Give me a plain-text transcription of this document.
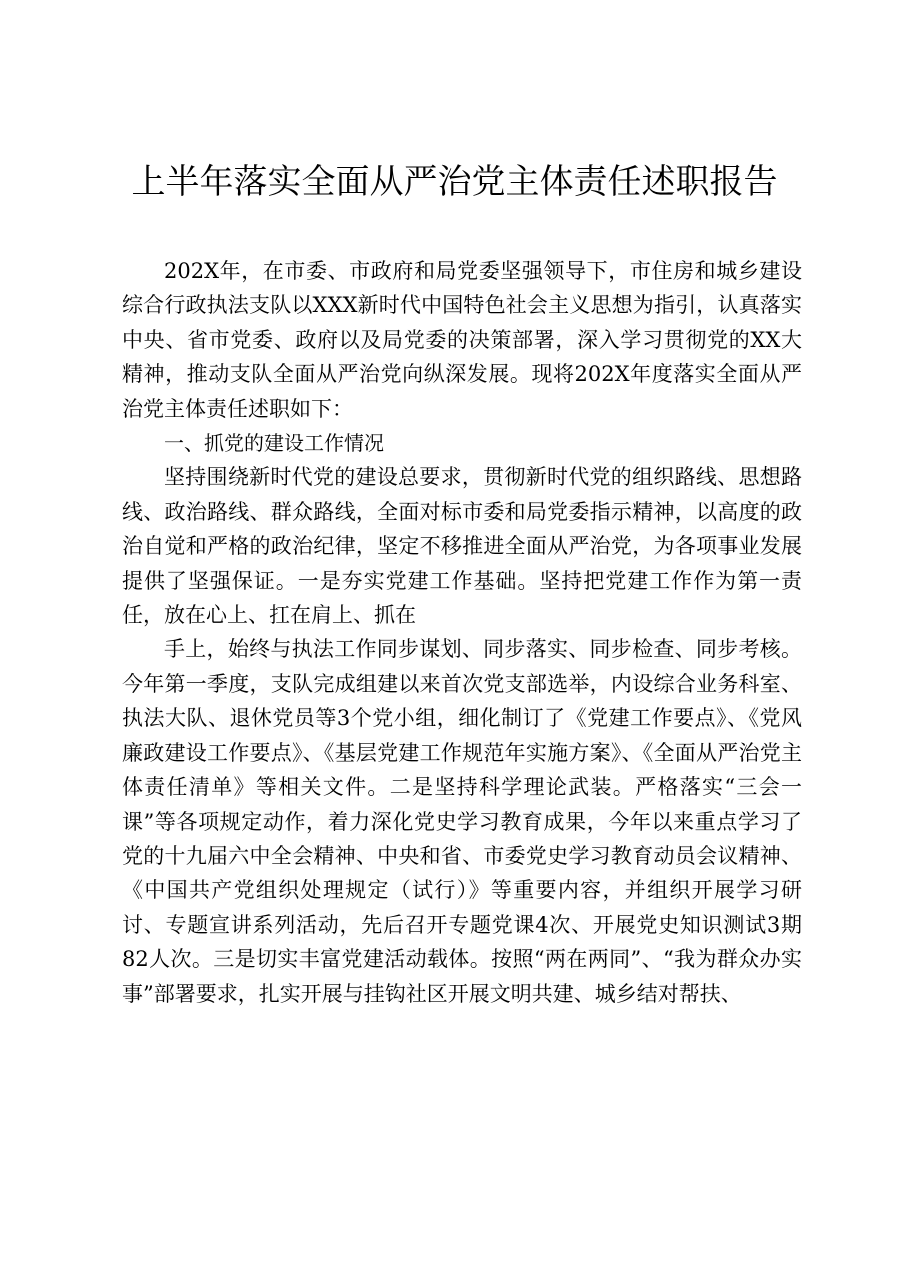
上半年落实全面从严治党主体责任述职报告

202X年，在市委、市政府和局党委坚强领导下，市住房和城乡建设综合行政执法支队以XXX新时代中国特色社会主义思想为指引，认真落实中央、省市党委、政府以及局党委的决策部署，深入学习贯彻党的XX大精神，推动支队全面从严治党向纵深发展。现将202X年度落实全面从严治党主体责任述职如下：

一、抓党的建设工作情况

坚持围绕新时代党的建设总要求，贯彻新时代党的组织路线、思想路线、政治路线、群众路线，全面对标市委和局党委指示精神，以高度的政治自觉和严格的政治纪律，坚定不移推进全面从严治党，为各项事业发展提供了坚强保证。一是夯实党建工作基础。坚持把党建工作作为第一责任，放在心上、扛在肩上、抓在

手上，始终与执法工作同步谋划、同步落实、同步检查、同步考核。今年第一季度，支队完成组建以来首次党支部选举，内设综合业务科室、执法大队、退休党员等3个党小组，细化制订了《党建工作要点》、《党风廉政建设工作要点》、《基层党建工作规范年实施方案》、《全面从严治党主体责任清单》等相关文件。二是坚持科学理论武装。严格落实“三会一课”等各项规定动作，着力深化党史学习教育成果，今年以来重点学习了党的十九届六中全会精神、中央和省、市委党史学习教育动员会议精神、《中国共产党组织处理规定（试行）》等重要内容，并组织开展学习研讨、专题宣讲系列活动，先后召开专题党课4次、开展党史知识测试3期82人次。三是切实丰富党建活动载体。按照“两在两同”、“我为群众办实事”部署要求，扎实开展与挂钩社区开展文明共建、城乡结对帮扶、
